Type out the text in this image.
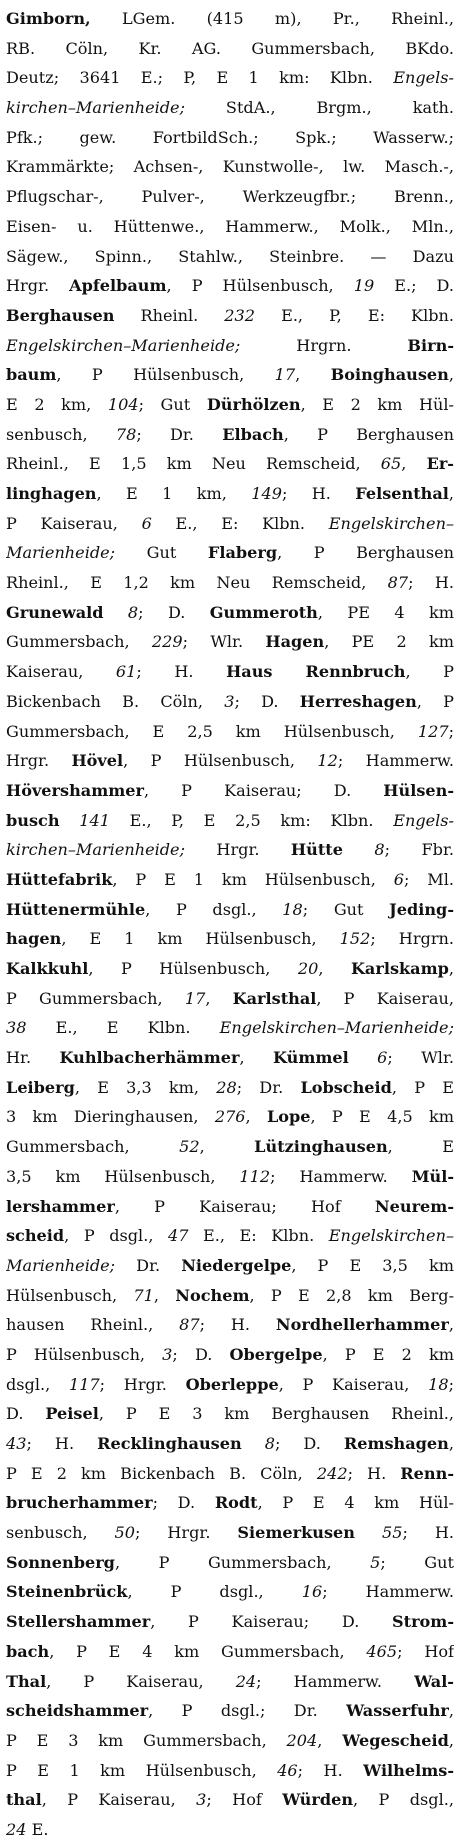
Gimborn, LGem. (415 m), Pr., Rheinl.,
RB. Cöln, Kr. AG. Gummersbach, BKdo.
Deutz; 3641 E.; P, E 1 km: Klbn. Engels-
kirchen–Marienheide; StdA., Brgm., kath.
Pfk.; gew. FortbildSch.; Spk.; Wasserw.;
Krammärkte; Achsen-, Kunstwolle-, lw. Masch.-,
Pflugschar-, Pulver-, Werkzeugfbr.; Brenn.,
Eisen- u. Hüttenwe., Hammerw., Molk., Mln.,
Sägew., Spinn., Stahlw., Steinbre. — Dazu
Hrgr. Apfelbaum, P Hülsenbusch, 19 E.; D.
Berghausen Rheinl. 232 E., P, E: Klbn.
Engelskirchen–Marienheide; Hrgrn. Birn-
baum, P Hülsenbusch, 17, Boinghausen,
E 2 km, 104; Gut Dürhölzen, E 2 km Hül-
senbusch, 78; Dr. Elbach, P Berghausen
Rheinl., E 1,5 km Neu Remscheid, 65, Er-
linghagen, E 1 km, 149; H. Felsenthal,
P Kaiserau, 6 E., E: Klbn. Engelskirchen–
Marienheide; Gut Flaberg, P Berghausen
Rheinl., E 1,2 km Neu Remscheid, 87; H.
Grunewald 8; D. Gummeroth, PE 4 km
Gummersbach, 229; Wlr. Hagen, PE 2 km
Kaiserau, 61; H. Haus Rennbruch, P
Bickenbach B. Cöln, 3; D. Herreshagen, P
Gummersbach, E 2,5 km Hülsenbusch, 127;
Hrgr. Hövel, P Hülsenbusch, 12; Hammerw.
Hövershammer, P Kaiserau; D. Hülsen-
busch 141 E., P, E 2,5 km: Klbn. Engels-
kirchen–Marienheide; Hrgr. Hütte 8; Fbr.
Hüttefabrik, P E 1 km Hülsenbusch, 6; Ml.
Hüttenermühle, P dsgl., 18; Gut Jeding-
hagen, E 1 km Hülsenbusch, 152; Hrgrn.
Kalkkuhl, P Hülsenbusch, 20, Karlskamp,
P Gummersbach, 17, Karlsthal, P Kaiserau,
38 E., E Klbn. Engelskirchen–Marienheide;
Hr. Kuhlbacherhämmer, Kümmel 6; Wlr.
Leiberg, E 3,3 km, 28; Dr. Lobscheid, P E
3 km Dieringhausen, 276, Lope, P E 4,5 km
Gummersbach, 52, Lützinghausen, E
3,5 km Hülsenbusch, 112; Hammerw. Mül-
lershammer, P Kaiserau; Hof Neurem-
scheid, P dsgl., 47 E., E: Klbn. Engelskirchen–
Marienheide; Dr. Niedergelpe, P E 3,5 km
Hülsenbusch, 71, Nochem, P E 2,8 km Berg-
hausen Rheinl., 87; H. Nordhellerhammer,
P Hülsenbusch, 3; D. Obergelpe, P E 2 km
dsgl., 117; Hrgr. Oberleppe, P Kaiserau, 18;
D. Peisel, P E 3 km Berghausen Rheinl.,
43; H. Recklinghausen 8; D. Remshagen,
P E 2 km Bickenbach B. Cöln, 242; H. Renn-
brucherhammer; D. Rodt, P E 4 km Hül-
senbusch, 50; Hrgr. Siemerkusen 55; H.
Sonnenberg, P Gummersbach, 5; Gut
Steinenbrück, P dsgl., 16; Hammerw.
Stellershammer, P Kaiserau; D. Strom-
bach, P E 4 km Gummersbach, 465; Hof
Thal, P Kaiserau, 24; Hammerw. Wal-
scheidshammer, P dsgl.; Dr. Wasserfuhr,
P E 3 km Gummersbach, 204, Wegescheid,
P E 1 km Hülsenbusch, 46; H. Wilhelms-
thal, P Kaiserau, 3; Hof Würden, P dsgl.,
24 E.
